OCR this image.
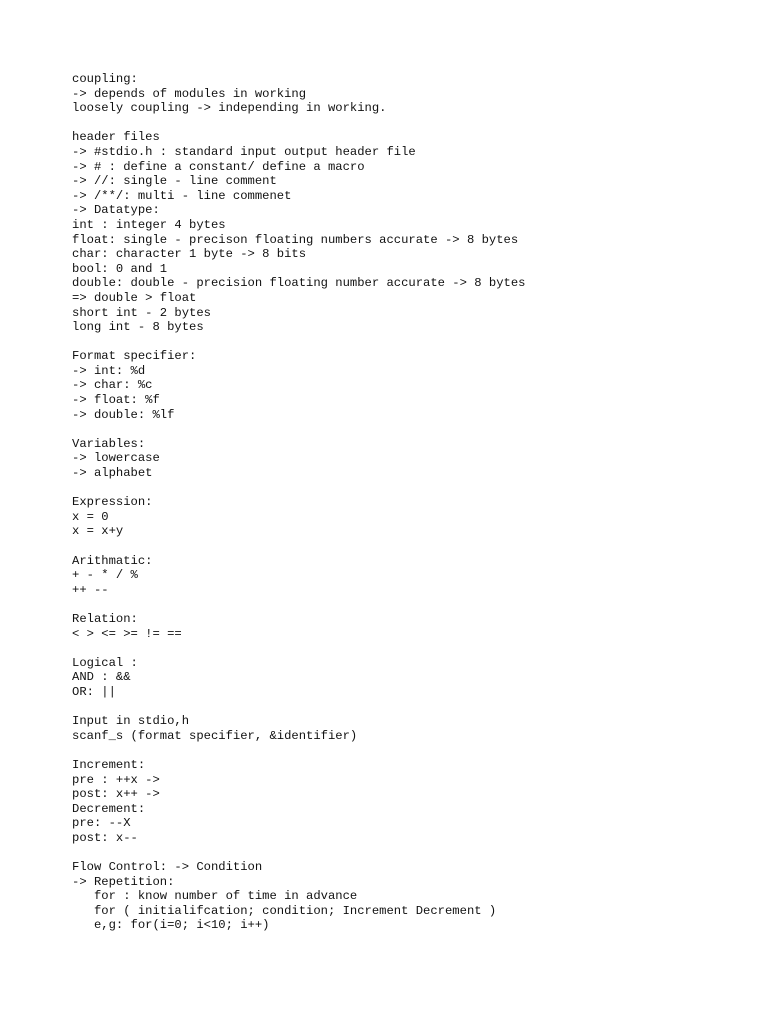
coupling:
-> depends of modules in working
loosely coupling -> independing in working.
header files
-> #stdio.h : standard input output header file
-> # : define a constant/ define a macro
-> //: single - line comment
-> /**/: multi - line commenet
-> Datatype:
int : integer 4 bytes
float: single - precison floating numbers accurate -> 8 bytes
char: character 1 byte -> 8 bits
bool: 0 and 1
double: double - precision floating number accurate -> 8 bytes
=> double > float
short int - 2 bytes
long int - 8 bytes
Format specifier:
-> int: %d
-> char: %c
-> float: %f
-> double: %lf
Variables:
-> lowercase
-> alphabet
Expression:
x = 0
x = x+y
Arithmatic:
+ - * / %
++ --
Relation:
< > <= >= != ==
Logical :
AND : &&
OR: ||
Input in stdio,h
scanf_s (format specifier, &identifier)
Increment:
pre : ++x ->
post: x++ ->
Decrement:
pre: --X
post: x--
Flow Control: -> Condition
-> Repetition:
for : know number of time in advance
for ( initialifcation; condition; Increment Decrement )
e,g: for(i=0; i<10; i++)
